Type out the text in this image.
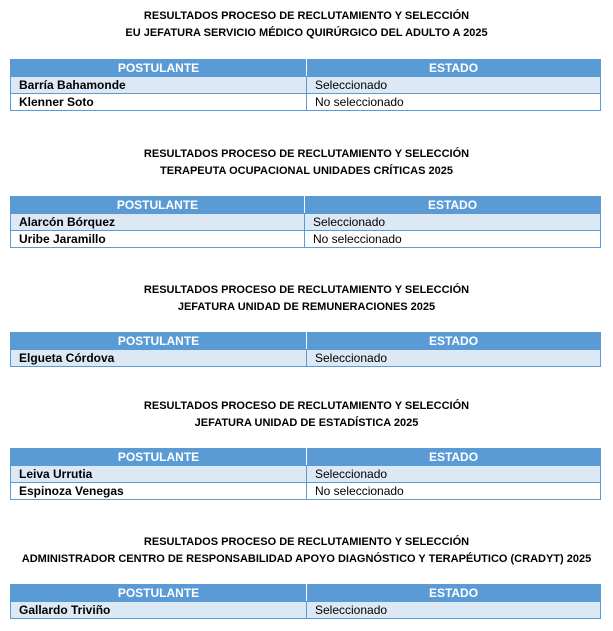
RESULTADOS PROCESO DE RECLUTAMIENTO Y SELECCIÓN
EU JEFATURA SERVICIO MÉDICO QUIRÚRGICO DEL ADULTO A 2025
POSTULANTE	ESTADO
Barría Bahamonde	Seleccionado
Klenner Soto	No seleccionado
RESULTADOS PROCESO DE RECLUTAMIENTO Y SELECCIÓN
TERAPEUTA OCUPACIONAL UNIDADES CRÍTICAS 2025
POSTULANTE	ESTADO
Alarcón Bórquez	Seleccionado
Uribe Jaramillo	No seleccionado
RESULTADOS PROCESO DE RECLUTAMIENTO Y SELECCIÓN
JEFATURA UNIDAD DE REMUNERACIONES 2025
POSTULANTE	ESTADO
Elgueta Córdova	Seleccionado
RESULTADOS PROCESO DE RECLUTAMIENTO Y SELECCIÓN
JEFATURA UNIDAD DE ESTADÍSTICA 2025
POSTULANTE	ESTADO
Leiva Urrutia	Seleccionado
Espinoza Venegas	No seleccionado
RESULTADOS PROCESO DE RECLUTAMIENTO Y SELECCIÓN
ADMINISTRADOR CENTRO DE RESPONSABILIDAD APOYO DIAGNÓSTICO Y TERAPÉUTICO (CRADYT) 2025
POSTULANTE	ESTADO
Gallardo Triviño	Seleccionado
